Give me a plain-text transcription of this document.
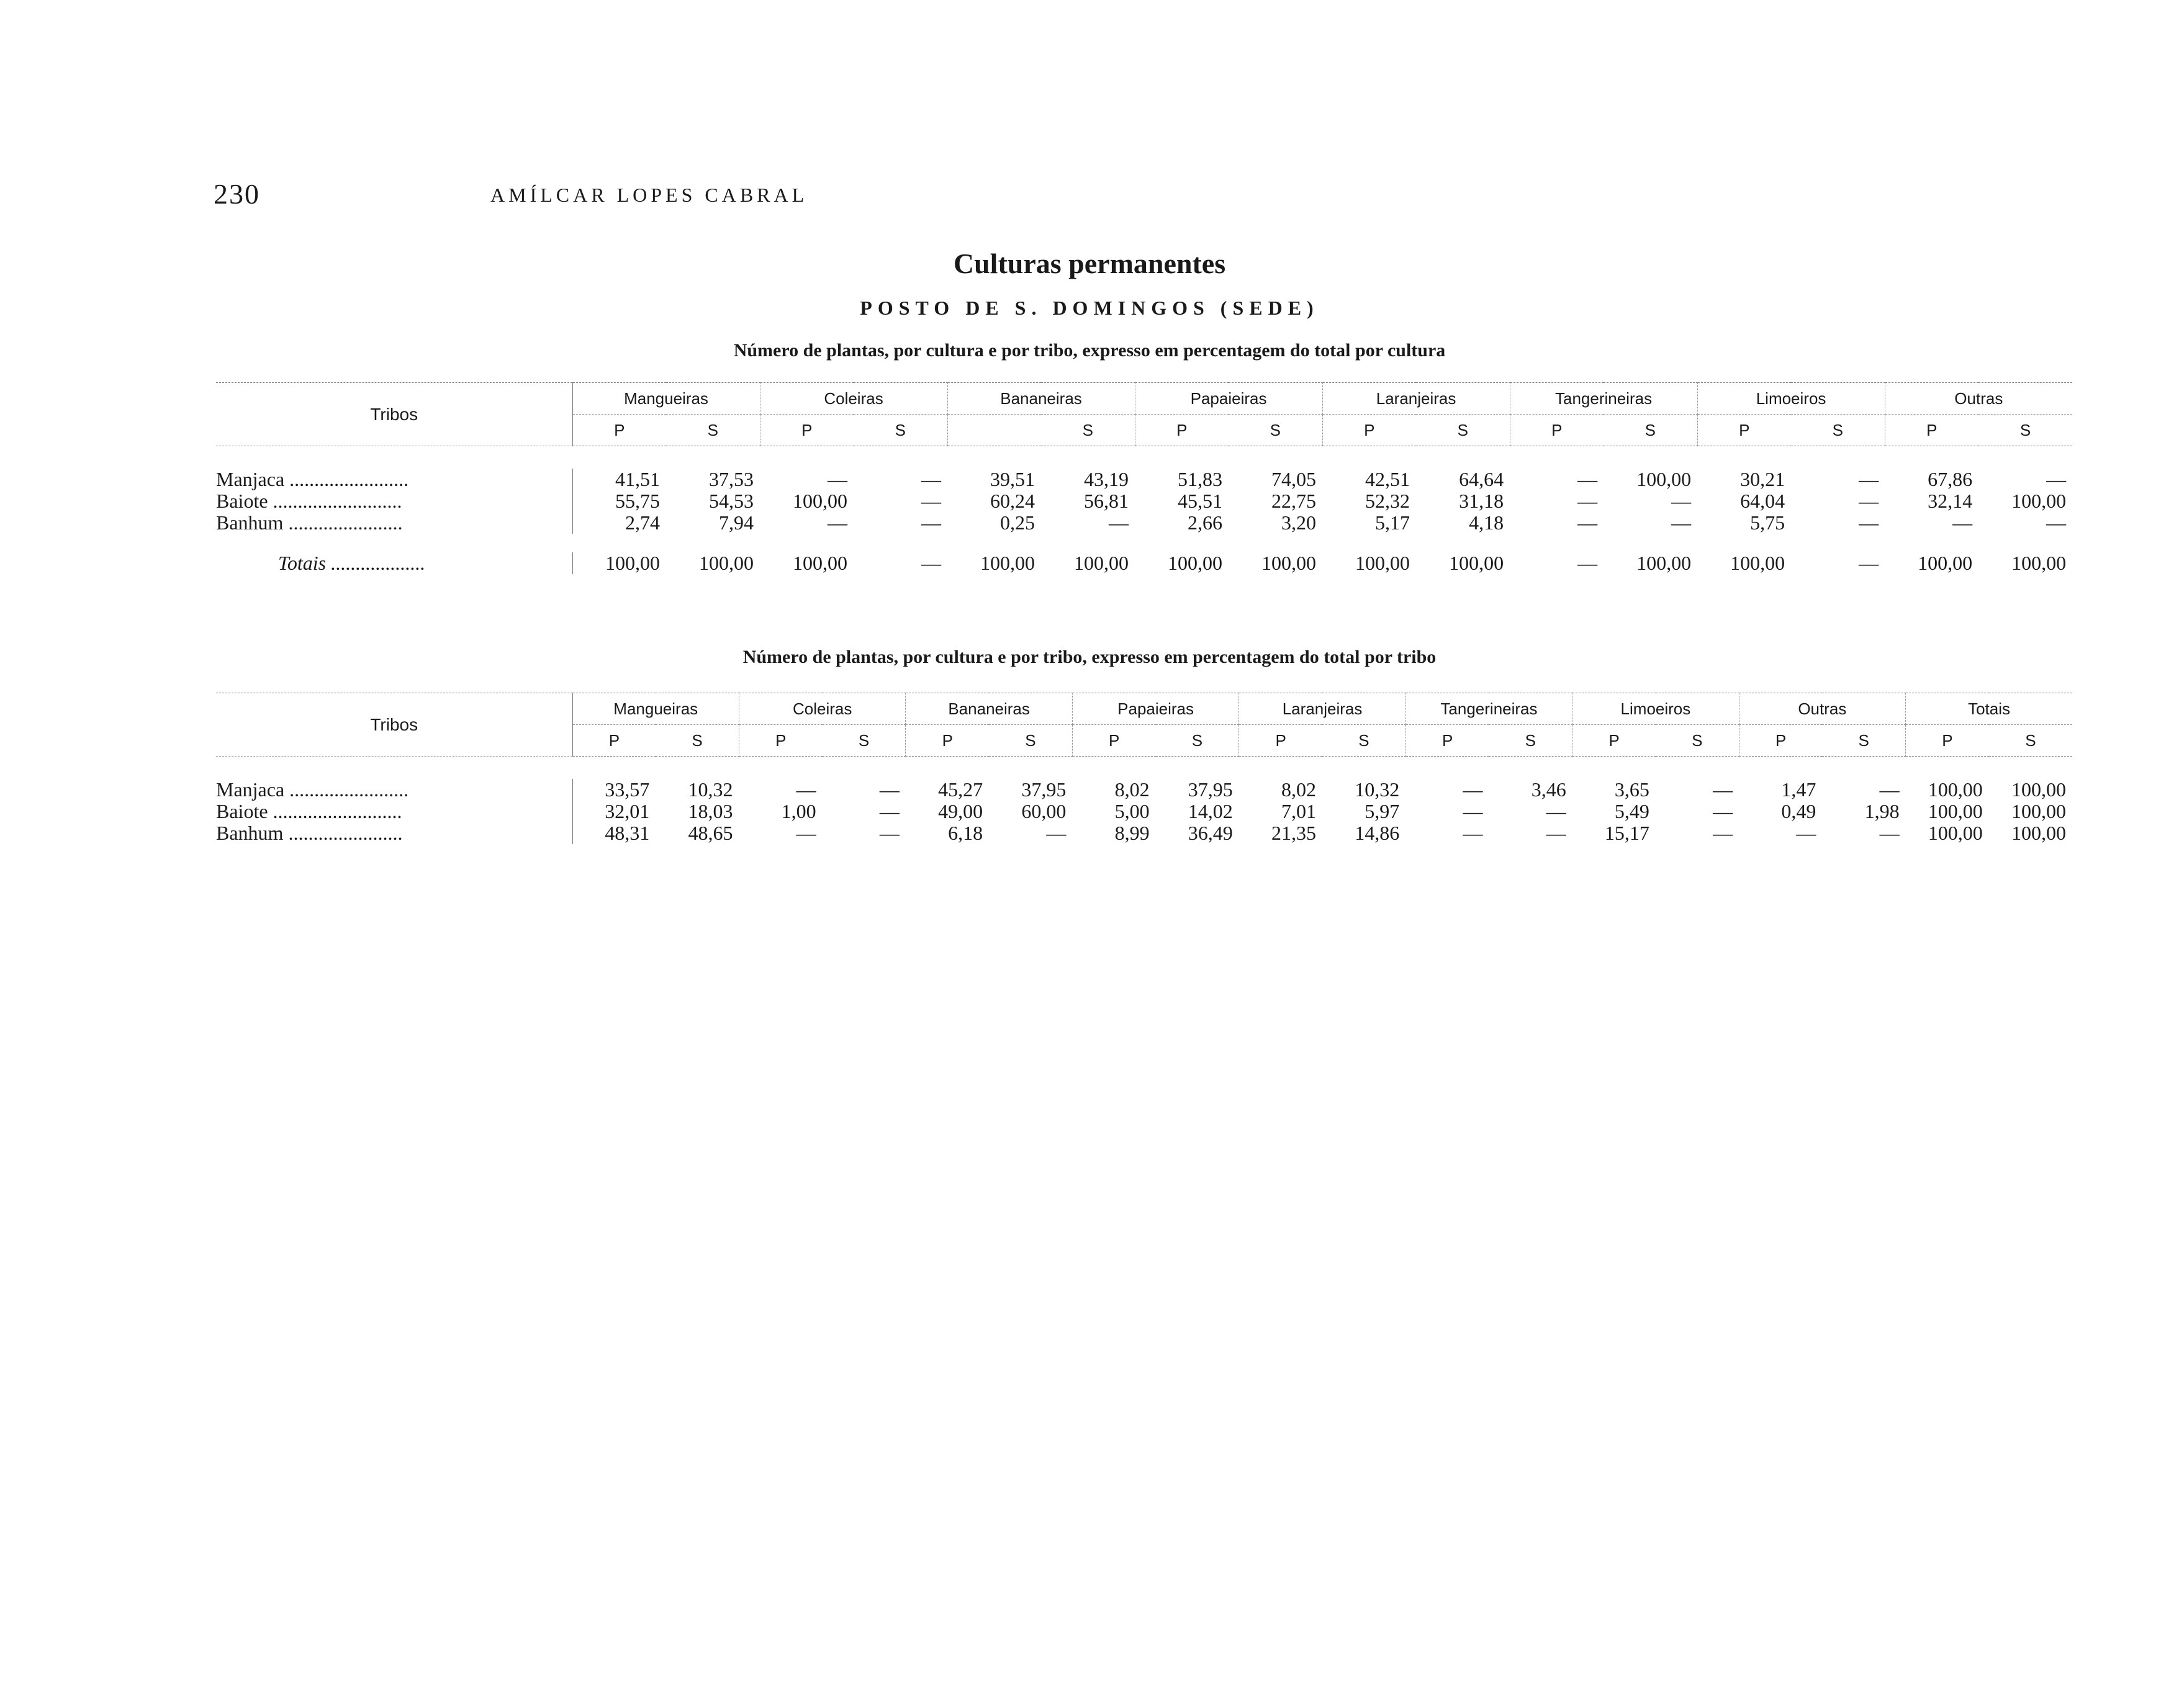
230	AMÍLCAR LOPES CABRAL
Culturas permanentes
POSTO DE S. DOMINGOS (SEDE)
Número de plantas, por cultura e por tribo, expresso em percentagem do total por cultura
Tribos	Mangueiras		Coleiras		Bananeiras		Papaieiras		Laranjeiras		Tangerineiras		Limoeiros		Outras	
	P	S	P	S		S	P	S	P	S	P	S	P	S	P	S

Manjaca ........................	41,51	37,53	—	—	39,51	43,19	51,83	74,05	42,51	64,64	—	100,00	30,21	—	67,86	—
Baiote ..........................	55,75	54,53	100,00	—	60,24	56,81	45,51	22,75	52,32	31,18	—	—	64,04	—	32,14	100,00
Banhum .......................	2,74	7,94	—	—	0,25	—	2,66	3,20	5,17	4,18	—	—	5,75	—	—	—

Totais ...................	100,00	100,00	100,00	—	100,00	100,00	100,00	100,00	100,00	100,00	—	100,00	100,00	—	100,00	100,00
Número de plantas, por cultura e por tribo, expresso em percentagem do total por tribo
Tribos	Mangueiras		Coleiras		Bananeiras		Papaieiras		Laranjeiras		Tangerineiras		Limoeiros		Outras		Totais	
	P	S	P	S	P	S	P	S	P	S	P	S	P	S	P	S	P	S

Manjaca ........................	33,57	10,32	—	—	45,27	37,95	8,02	37,95	8,02	10,32	—	3,46	3,65	—	1,47	—	100,00	100,00
Baiote ..........................	32,01	18,03	1,00	—	49,00	60,00	5,00	14,02	7,01	5,97	—	—	5,49	—	0,49	1,98	100,00	100,00
Banhum .......................	48,31	48,65	—	—	6,18	—	8,99	36,49	21,35	14,86	—	—	15,17	—	—	—	100,00	100,00
